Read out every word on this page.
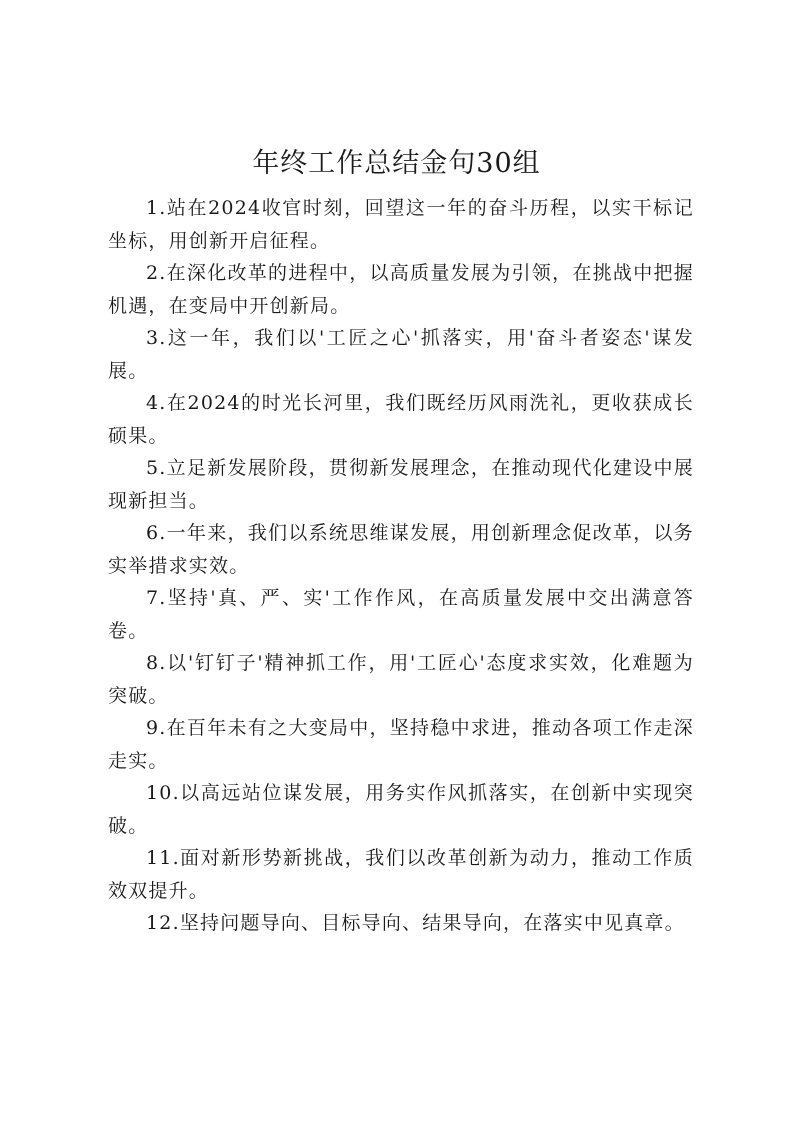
年终工作总结金句30组

1.站在2024收官时刻，回望这一年的奋斗历程，以实干标记坐标，用创新开启征程。

2.在深化改革的进程中，以高质量发展为引领，在挑战中把握机遇，在变局中开创新局。

3.这一年，我们以'工匠之心'抓落实，用'奋斗者姿态'谋发展。

4.在2024的时光长河里，我们既经历风雨洗礼，更收获成长硕果。

5.立足新发展阶段，贯彻新发展理念，在推动现代化建设中展现新担当。

6.一年来，我们以系统思维谋发展，用创新理念促改革，以务实举措求实效。

7.坚持'真、严、实'工作作风，在高质量发展中交出满意答卷。

8.以'钉钉子'精神抓工作，用'工匠心'态度求实效，化难题为突破。

9.在百年未有之大变局中，坚持稳中求进，推动各项工作走深走实。

10.以高远站位谋发展，用务实作风抓落实，在创新中实现突破。

11.面对新形势新挑战，我们以改革创新为动力，推动工作质效双提升。

12.坚持问题导向、目标导向、结果导向，在落实中见真章。
